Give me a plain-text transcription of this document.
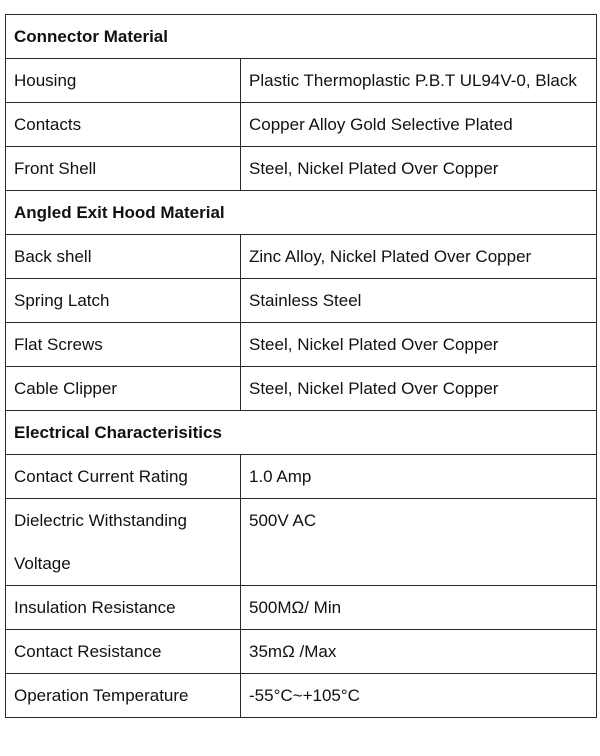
Connector Material	
Housing	Plastic Thermoplastic P.B.T UL94V-0, Black
Contacts	Copper Alloy Gold Selective Plated
Front Shell	Steel, Nickel Plated Over Copper
Angled Exit Hood Material	
Back shell	Zinc Alloy, Nickel Plated Over Copper
Spring Latch	Stainless Steel
Flat Screws	Steel, Nickel Plated Over Copper
Cable Clipper	Steel, Nickel Plated Over Copper
Electrical Characterisitics	
Contact Current Rating	1.0 Amp
Dielectric Withstanding Voltage	500V AC
Insulation Resistance	500MΩ/ Min
Contact Resistance	35mΩ /Max
Operation Temperature	-55°C~+105°C
